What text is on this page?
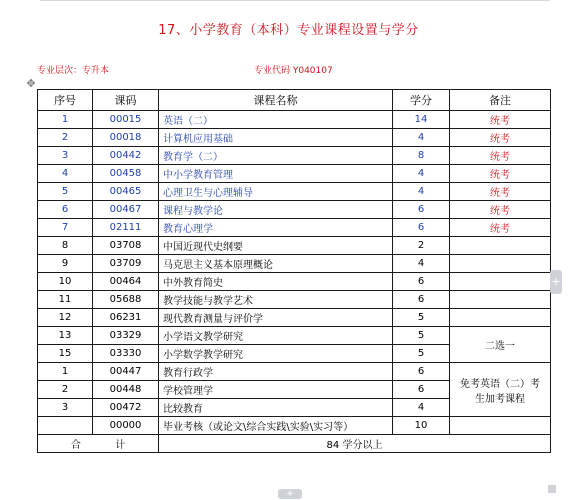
17、小学教育（本科）专业课程设置与学分
专业层次：专升本	专业代码 Y040107
✥
序号	课码	课程名称	学分	备注
1	00015	英语（二）	14	统考
2	00018	计算机应用基础	4	统考
3	00442	教育学（二）	8	统考
4	00458	中小学教育管理	4	统考
5	00465	心理卫生与心理辅导	4	统考
6	00467	课程与教学论	6	统考
7	02111	教育心理学	6	统考
8	03708	中国近现代史纲要	2	
9	03709	马克思主义基本原理概论	4	
10	00464	中外教育简史	6	
11	05688	教学技能与教学艺术	6	
12	06231	现代教育测量与评价学	5	
13	03329	小学语文教学研究	5	二选一
15	03330	小学数学教学研究	5	
1	00447	教育行政学	6	免考英语（二）考
生加考课程

2	00448	学校管理学	6	
3	00472	比较教育	4	
	00000	毕业考核（或论文\综合实践\实验\实习等）	10	
合 计		84 学分以上		
+
+
